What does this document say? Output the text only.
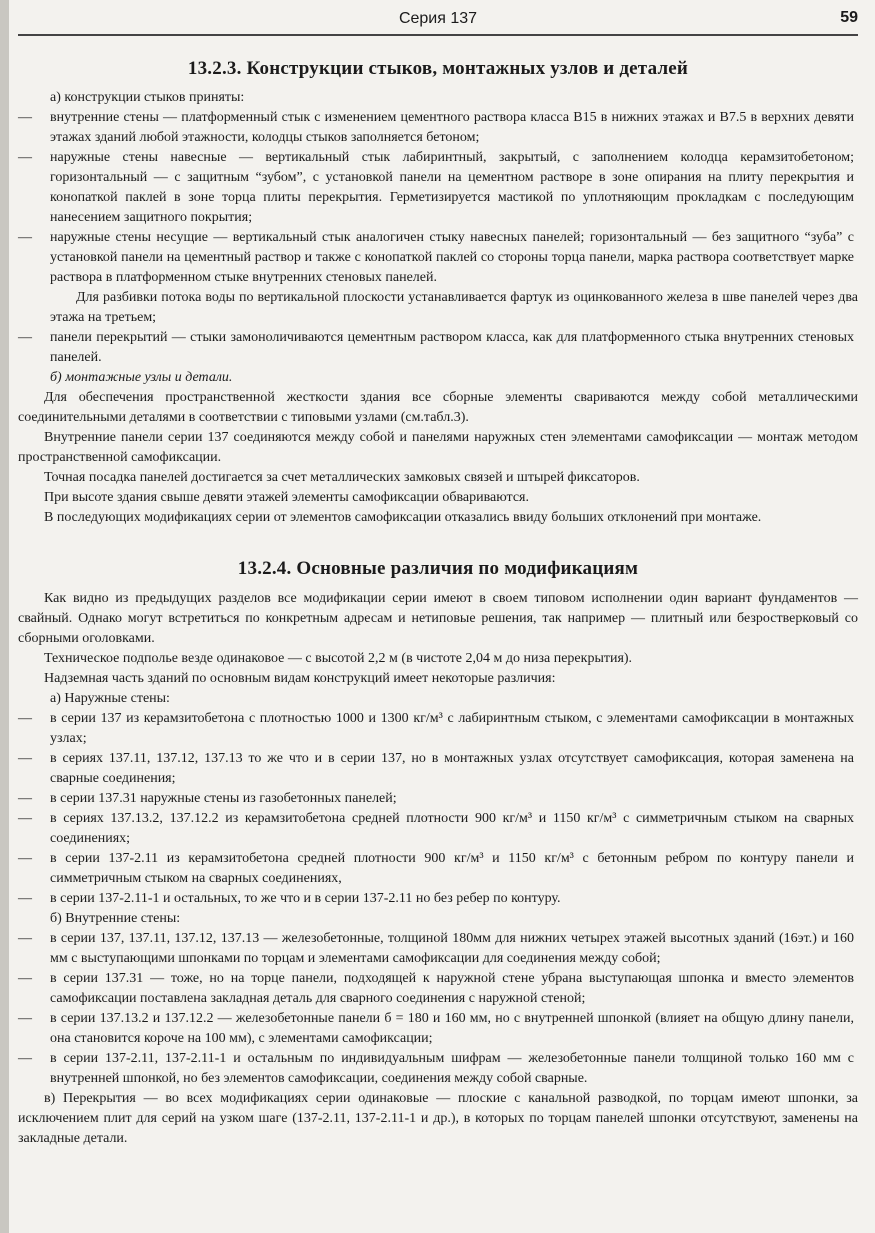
Серия 137	59
13.2.3. Конструкции стыков, монтажных узлов и деталей

а) конструкции стыков приняты:

—	внутренние стены — платформенный стык с изменением цементного раствора класса В15 в нижних этажах и В7.5 в верхних девяти этажах зданий любой этажности, колодцы стыков заполняется бетоном;

—	наружные стены навесные — вертикальный стык лабиринтный, закрытый, с заполнением колодца керамзитобетоном; горизонтальный — с защитным “зубом”, с установкой панели на цементном растворе в зоне опирания на плиту перекрытия и конопаткой паклей в зоне торца плиты перекрытия. Герметизируется мастикой по уплотняющим прокладкам с последующим нанесением защитного покрытия;

—	наружные стены несущие — вертикальный стык аналогичен стыку навесных панелей; горизонтальный — без защитного “зуба” с установкой панели на цементный раствор и также с конопаткой паклей со стороны торца панели, марка раствора соответствует марке раствора в платформенном стыке внутренних стеновых панелей.

Для разбивки потока воды по вертикальной плоскости устанавливается фартук из оцинкованного железа в шве панелей через два этажа на третьем;

—	панели перекрытий — стыки замоноличиваются цементным раствором класса, как для платформенного стыка внутренних стеновых панелей.

б) монтажные узлы и детали.

Для обеспечения пространственной жесткости здания все сборные элементы свариваются между собой металлическими соединительными деталями в соответствии с типовыми узлами (см.табл.3).

Внутренние панели серии 137 соединяются между собой и панелями наружных стен элементами самофиксации — монтаж методом пространственной самофиксации.

Точная посадка панелей достигается за счет металлических замковых связей и штырей фиксаторов.

При высоте здания свыше девяти этажей элементы самофиксации обвариваются.

В последующих модификациях серии от элементов самофиксации отказались ввиду больших отклонений при монтаже.

13.2.4. Основные различия по модификациям

Как видно из предыдущих разделов все модификации серии имеют в своем типовом исполнении один вариант фундаментов — свайный. Однако могут встретиться по конкретным адресам и нетиповые решения, так например — плитный или безростверковый со сборными оголовками.

Техническое подполье везде одинаковое — с высотой 2,2 м (в чистоте 2,04 м до низа перекрытия).

Надземная часть зданий по основным видам конструкций имеет некоторые различия:

а) Наружные стены:

—	в серии 137 из керамзитобетона с плотностью 1000 и 1300 кг/м³ с лабиринтным стыком, с элементами самофиксации в монтажных узлах;

—	в сериях 137.11, 137.12, 137.13 то же что и в серии 137, но в монтажных узлах отсутствует самофиксация, которая заменена на сварные соединения;

—	в серии 137.31 наружные стены из газобетонных панелей;

—	в сериях 137.13.2, 137.12.2 из керамзитобетона средней плотности 900 кг/м³ и 1150 кг/м³ с симметричным стыком на сварных соединениях;

—	в серии 137-2.11 из керамзитобетона средней плотности 900 кг/м³ и 1150 кг/м³ с бетонным ребром по контуру панели и симметричным стыком на сварных соединениях,

—	в серии 137-2.11-1 и остальных, то же что и в серии 137-2.11 но без ребер по контуру.

б) Внутренние стены:

—	в серии 137, 137.11, 137.12, 137.13 — железобетонные, толщиной 180мм для нижних четырех этажей высотных зданий (16эт.) и 160 мм с выступающими шпонками по торцам и элементами самофиксации для соединения между собой;

—	в серии 137.31 — тоже, но на торце панели, подходящей к наружной стене убрана выступающая шпонка и вместо элементов самофиксации поставлена закладная деталь для сварного соединения с наружной стеной;

—	в серии 137.13.2 и 137.12.2 — железобетонные панели б = 180 и 160 мм, но с внутренней шпонкой (влияет на общую длину панели, она становится короче на 100 мм), с элементами самофиксации;

—	в серии 137-2.11, 137-2.11-1 и остальным по индивидуальным шифрам — железобетонные панели толщиной только 160 мм с внутренней шпонкой, но без элементов самофиксации, соединения между собой сварные.

в) Перекрытия — во всех модификациях серии одинаковые — плоские с канальной разводкой, по торцам имеют шпонки, за исключением плит для серий на узком шаге (137-2.11, 137-2.11-1 и др.), в которых по торцам панелей шпонки отсутствуют, заменены на закладные детали.
